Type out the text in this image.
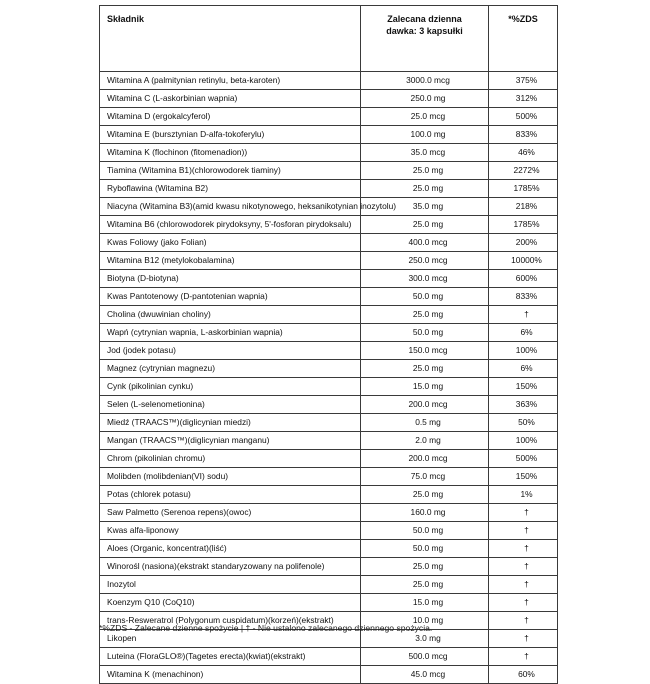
Składnik	Zalecana dzienna dawka: 3 kapsułki	*%ZDS
Witamina A (palmitynian retinylu, beta-karoten)	3000.0 mcg	375%
Witamina C (L-askorbinian wapnia)	250.0 mg	312%
Witamina D (ergokalcyferol)	25.0 mcg	500%
Witamina E (bursztynian D-alfa-tokoferylu)	100.0 mg	833%
Witamina K (flochinon (fitomenadion))	35.0 mcg	46%
Tiamina (Witamina B1)(chlorowodorek tiaminy)	25.0 mg	2272%
Ryboflawina (Witamina B2)	25.0 mg	1785%
Niacyna (Witamina B3)(amid kwasu nikotynowego, heksanikotynian inozytolu)	35.0 mg	218%
Witamina B6 (chlorowodorek pirydoksyny, 5'-fosforan pirydoksalu)	25.0 mg	1785%
Kwas Foliowy (jako Folian)	400.0 mcg	200%
Witamina B12 (metylokobalamina)	250.0 mcg	10000%
Biotyna (D-biotyna)	300.0 mcg	600%
Kwas Pantotenowy (D-pantotenian wapnia)	50.0 mg	833%
Cholina (dwuwinian choliny)	25.0 mg	†
Wapń (cytrynian wapnia, L-askorbinian wapnia)	50.0 mg	6%
Jod (jodek potasu)	150.0 mcg	100%
Magnez (cytrynian magnezu)	25.0 mg	6%
Cynk (pikolinian cynku)	15.0 mg	150%
Selen (L-selenometionina)	200.0 mcg	363%
Miedź (TRAACS™)(diglicynian miedzi)	0.5 mg	50%
Mangan (TRAACS™)(diglicynian manganu)	2.0 mg	100%
Chrom (pikolinian chromu)	200.0 mcg	500%
Molibden (molibdenian(VI) sodu)	75.0 mcg	150%
Potas (chlorek potasu)	25.0 mg	1%
Saw Palmetto (Serenoa repens)(owoc)	160.0 mg	†
Kwas alfa-liponowy	50.0 mg	†
Aloes (Organic, koncentrat)(liść)	50.0 mg	†
Winorośl (nasiona)(ekstrakt standaryzowany na polifenole)	25.0 mg	†
Inozytol	25.0 mg	†
Koenzym Q10 (CoQ10)	15.0 mg	†
trans-Resweratrol (Polygonum cuspidatum)(korzeń)(ekstrakt)	10.0 mg	†
Likopen	3.0 mg	†
Luteina (FloraGLO®)(Tagetes erecta)(kwiat)(ekstrakt)	500.0 mcg	†
Witamina K (menachinon)	45.0 mcg	60%
*%ZDS - Zalecane dzienne spożycie | † - Nie ustalono zalecanego dziennego spożycia.
